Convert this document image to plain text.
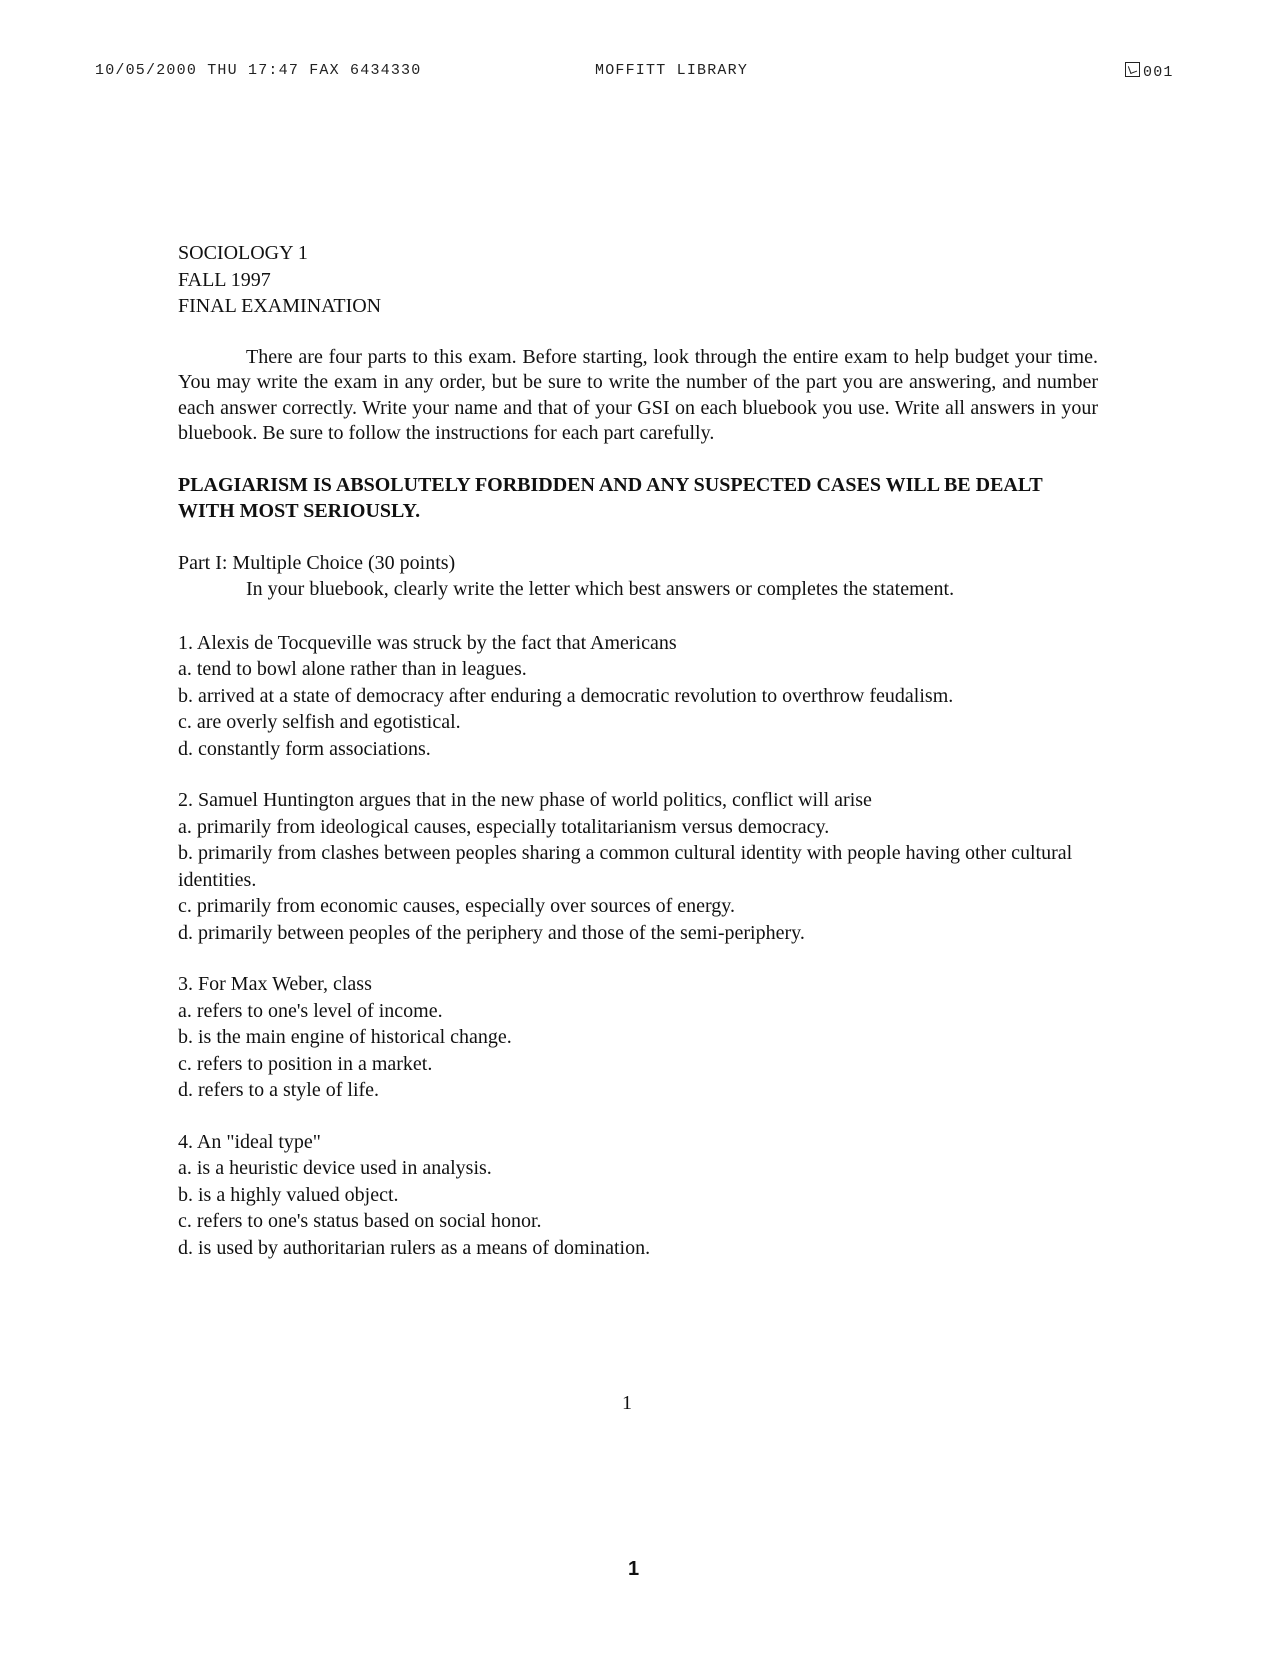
10/05/2000 THU 17:47 FAX 6434330	MOFFITT LIBRARY	001
SOCIOLOGY 1
FALL 1997
FINAL EXAMINATION

There are four parts to this exam. Before starting, look through the entire exam to help budget your time. You may write the exam in any order, but be sure to write the number of the part you are answering, and number each answer correctly. Write your name and that of your GSI on each bluebook you use. Write all answers in your bluebook. Be sure to follow the instructions for each part carefully.

PLAGIARISM IS ABSOLUTELY FORBIDDEN AND ANY SUSPECTED CASES WILL BE DEALT WITH MOST SERIOUSLY.
Part I: Multiple Choice (30 points)
In your bluebook, clearly write the letter which best answers or completes the statement.
1. Alexis de Tocqueville was struck by the fact that Americans
a. tend to bowl alone rather than in leagues.
b. arrived at a state of democracy after enduring a democratic revolution to overthrow feudalism.
c. are overly selfish and egotistical.
d. constantly form associations.
2. Samuel Huntington argues that in the new phase of world politics, conflict will arise
a. primarily from ideological causes, especially totalitarianism versus democracy.
b. primarily from clashes between peoples sharing a common cultural identity with people having other cultural identities.
c. primarily from economic causes, especially over sources of energy.
d. primarily between peoples of the periphery and those of the semi-periphery.
3. For Max Weber, class
a. refers to one's level of income.
b. is the main engine of historical change.
c. refers to position in a market.
d. refers to a style of life.
4. An "ideal type"
a. is a heuristic device used in analysis.
b. is a highly valued object.
c. refers to one's status based on social honor.
d. is used by authoritarian rulers as a means of domination.
1
1
